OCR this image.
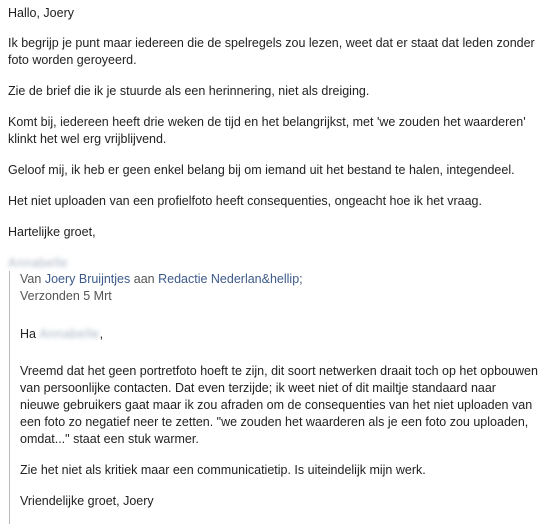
Hallo, Joery

Ik begrijp je punt maar iedereen die de spelregels zou lezen, weet dat er staat dat leden zonder foto worden geroyeerd.

Zie de brief die ik je stuurde als een herinnering, niet als dreiging.

Komt bij, iedereen heeft drie weken de tijd en het belangrijkst, met 'we zouden het waarderen' klinkt het wel erg vrijblijvend.

Geloof mij, ik heb er geen enkel belang bij om iemand uit het bestand te halen, integendeel.

Het niet uploaden van een profielfoto heeft consequenties, ongeacht hoe ik het vraag.

Hartelijke groet,

Annabelle

Van Joery Bruijntjes aan Redactie Nederlan&hellip;
Verzonden 5 Mrt

Ha Annabelle,

Vreemd dat het geen portretfoto hoeft te zijn, dit soort netwerken draait toch op het opbouwen van persoonlijke contacten. Dat even terzijde; ik weet niet of dit mailtje standaard naar nieuwe gebruikers gaat maar ik zou afraden om de consequenties van het niet uploaden van een foto zo negatief neer te zetten. "we zouden het waarderen als je een foto zou uploaden, omdat..." staat een stuk warmer.

Zie het niet als kritiek maar een communicatietip. Is uiteindelijk mijn werk.

Vriendelijke groet, Joery
